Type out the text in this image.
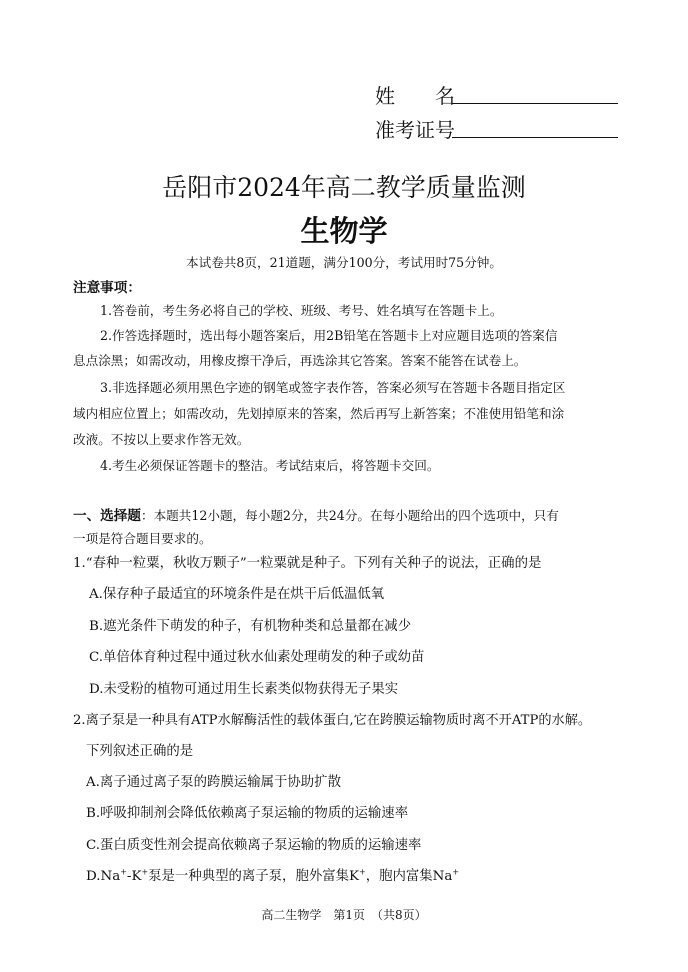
姓　　名
准考证号
岳阳市2024年高二教学质量监测
生物学
本试卷共8页，21道题，满分100分，考试用时75分钟。
注意事项：
1.答卷前，考生务必将自己的学校、班级、考号、姓名填写在答题卡上。
2.作答选择题时，选出每小题答案后，用2B铅笔在答题卡上对应题目选项的答案信
息点涂黑；如需改动，用橡皮擦干净后，再选涂其它答案。答案不能答在试卷上。
3.非选择题必须用黑色字迹的钢笔或签字表作答，答案必须写在答题卡各题目指定区
域内相应位置上；如需改动，先划掉原来的答案，然后再写上新答案；不准使用铅笔和涂
改液。不按以上要求作答无效。
4.考生必须保证答题卡的整洁。考试结束后，将答题卡交回。
一、选择题：本题共12小题，每小题2分，共24分。在每小题给出的四个选项中，只有
一项是符合题目要求的。
1.“春种一粒粟，秋收万颗子”一粒粟就是种子。下列有关种子的说法，正确的是
A.保存种子最适宜的环境条件是在烘干后低温低氧
B.遮光条件下萌发的种子，有机物种类和总量都在减少
C.单倍体育种过程中通过秋水仙素处理萌发的种子或幼苗
D.未受粉的植物可通过用生长素类似物获得无子果实
2.离子泵是一种具有ATP水解酶活性的载体蛋白,它在跨膜运输物质时离不开ATP的水解。
下列叙述正确的是
A.离子通过离子泵的跨膜运输属于协助扩散
B.呼吸抑制剂会降低依赖离子泵运输的物质的运输速率
C.蛋白质变性剂会提高依赖离子泵运输的物质的运输速率
D.Na+-K+泵是一种典型的离子泵，胞外富集K+，胞内富集Na+
高二生物学　第1页　（共8页）
